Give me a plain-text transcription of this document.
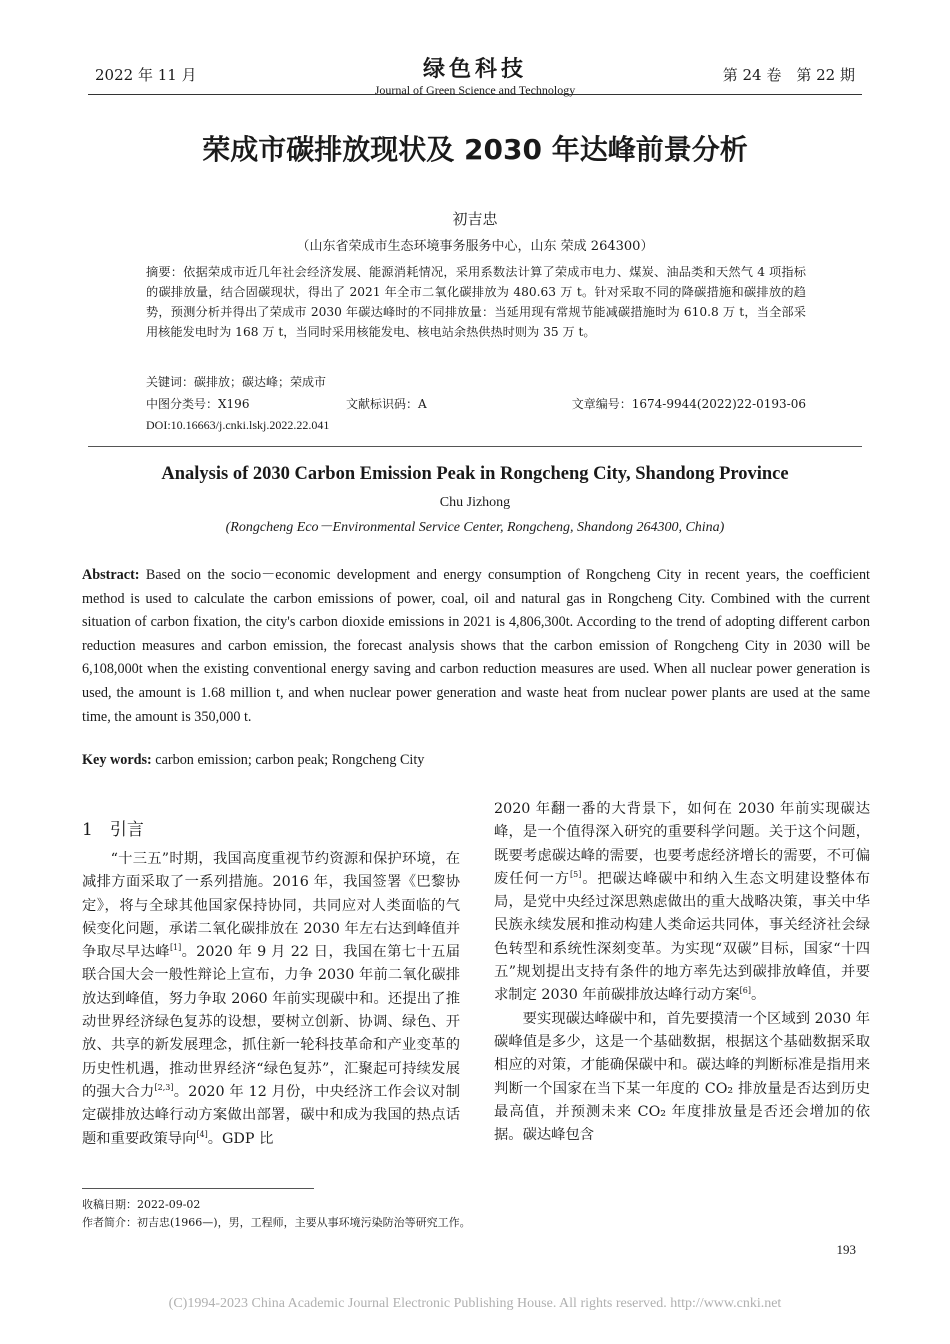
2022 年 11 月	绿色科技
Journal of Green Science and Technology
第 24 卷　第 22 期
荣成市碳排放现状及 2030 年达峰前景分析
初吉忠
（山东省荣成市生态环境事务服务中心，山东 荣成 264300）
摘要：依据荣成市近几年社会经济发展、能源消耗情况，采用系数法计算了荣成市电力、煤炭、油品类和天然气 4 项指标的碳排放量，结合固碳现状，得出了 2021 年全市二氧化碳排放为 480.63 万 t。针对采取不同的降碳措施和碳排放的趋势，预测分析并得出了荣成市 2030 年碳达峰时的不同排放量：当延用现有常规节能减碳措施时为 610.8 万 t，当全部采用核能发电时为 168 万 t，当同时采用核能发电、核电站余热供热时则为 35 万 t。
关键词：碳排放；碳达峰；荣成市
中图分类号：X196	文献标识码：A	文章编号：1674-9944(2022)22-0193-06
DOI:10.16663/j.cnki.lskj.2022.22.041
Analysis of 2030 Carbon Emission Peak in Rongcheng City, Shandong Province
Chu Jizhong
(Rongcheng Eco－Environmental Service Center, Rongcheng, Shandong 264300, China)
Abstract: Based on the socio－economic development and energy consumption of Rongcheng City in recent years, the coefficient method is used to calculate the carbon emissions of power, coal, oil and natural gas in Rongcheng City. Combined with the current situation of carbon fixation, the city's carbon dioxide emissions in 2021 is 4,806,300t. According to the trend of adopting different carbon reduction measures and carbon emission, the forecast analysis shows that the carbon emission of Rongcheng City in 2030 will be 6,108,000t when the existing conventional energy saving and carbon reduction measures are used. When all nuclear power generation is used, the amount is 1.68 million t, and when nuclear power generation and waste heat from nuclear power plants are used at the same time, the amount is 350,000 t.
Key words: carbon emission; carbon peak; Rongcheng City
1　引言

“十三五”时期，我国高度重视节约资源和保护环境，在减排方面采取了一系列措施。2016 年，我国签署《巴黎协定》，将与全球其他国家保持协同，共同应对人类面临的气候变化问题，承诺二氧化碳排放在 2030 年左右达到峰值并争取尽早达峰[1]。2020 年 9 月 22 日，我国在第七十五届联合国大会一般性辩论上宣布，力争 2030 年前二氧化碳排放达到峰值，努力争取 2060 年前实现碳中和。还提出了推动世界经济绿色复苏的设想，要树立创新、协调、绿色、开放、共享的新发展理念，抓住新一轮科技革命和产业变革的历史性机遇，推动世界经济“绿色复苏”，汇聚起可持续发展的强大合力[2,3]。2020 年 12 月份，中央经济工作会议对制定碳排放达峰行动方案做出部署，碳中和成为我国的热点话题和重要政策导向[4]。GDP 比

2020 年翻一番的大背景下，如何在 2030 年前实现碳达峰，是一个值得深入研究的重要科学问题。关于这个问题，既要考虑碳达峰的需要，也要考虑经济增长的需要，不可偏废任何一方[5]。把碳达峰碳中和纳入生态文明建设整体布局，是党中央经过深思熟虑做出的重大战略决策，事关中华民族永续发展和推动构建人类命运共同体，事关经济社会绿色转型和系统性深刻变革。为实现“双碳”目标，国家“十四五”规划提出支持有条件的地方率先达到碳排放峰值，并要求制定 2030 年前碳排放达峰行动方案[6]。

要实现碳达峰碳中和，首先要摸清一个区域到 2030 年碳峰值是多少，这是一个基础数据，根据这个基础数据采取相应的对策，才能确保碳中和。碳达峰的判断标准是指用来判断一个国家在当下某一年度的 CO₂ 排放量是否达到历史最高值，并预测未来 CO₂ 年度排放量是否还会增加的依据。碳达峰包含

收稿日期：2022-09-02
作者简介：初吉忠(1966—)，男，工程师，主要从事环境污染防治等研究工作。
193
(C)1994-2023 China Academic Journal Electronic Publishing House. All rights reserved. http://www.cnki.net
